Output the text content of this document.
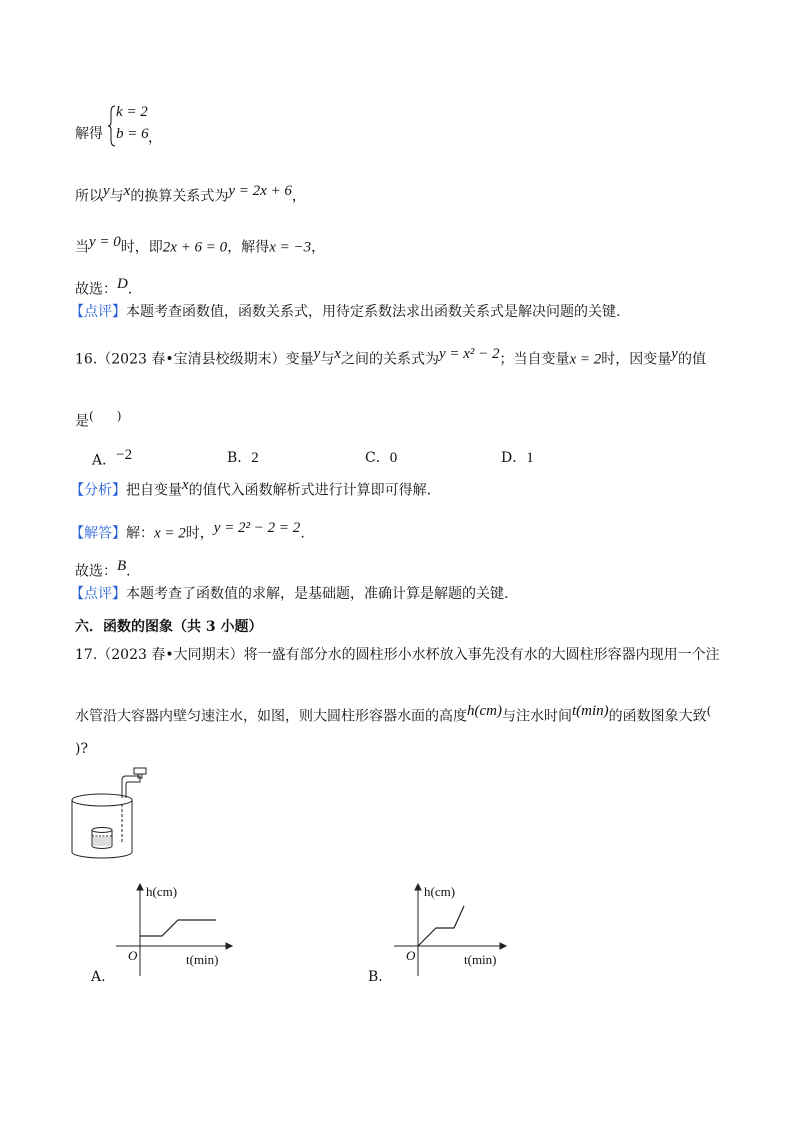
解得
k = 2
b = 6 ，
所以$^y$与$^x$的换算关系式为$^{y = 2x + 6}$，
当$^{y = 0}$时，即2x + 6 = 0，解得x = −3，
故选：$^D$.
【点评】本题考查函数值，函数关系式，用待定系数法求出函数关系式是解决问题的关键.
16.（2023 春•宝清县校级期末）变量$^y$与$^x$之间的关系式为$^{y = x^2 - 2}$；当自变量x = 2时，因变量$^y$的值
是(　　)
A．$^{-2}$	B．2	C．0	D．1
【分析】把自变量$^x$的值代入函数解析式进行计算即可得解.
【解答】解：x = 2时，$^{y = 2^2 - 2 = 2}$.
故选：$^B$.
【点评】本题考查了函数值的求解，是基础题，准确计算是解题的关键.
六．函数的图象（共 3 小题）
17.（2023 春•大同期末）将一盛有部分水的圆柱形小水杯放入事先没有水的大圆柱形容器内现用一个注
水管沿大容器内壁匀速注水，如图，则大圆柱形容器水面的高度$^{h(cm)}$与注水时间$^{t(min)}$的函数图象大致(
)?
h(cm)
O	t(min)
A.
h(cm)
O	t(min)
B.
